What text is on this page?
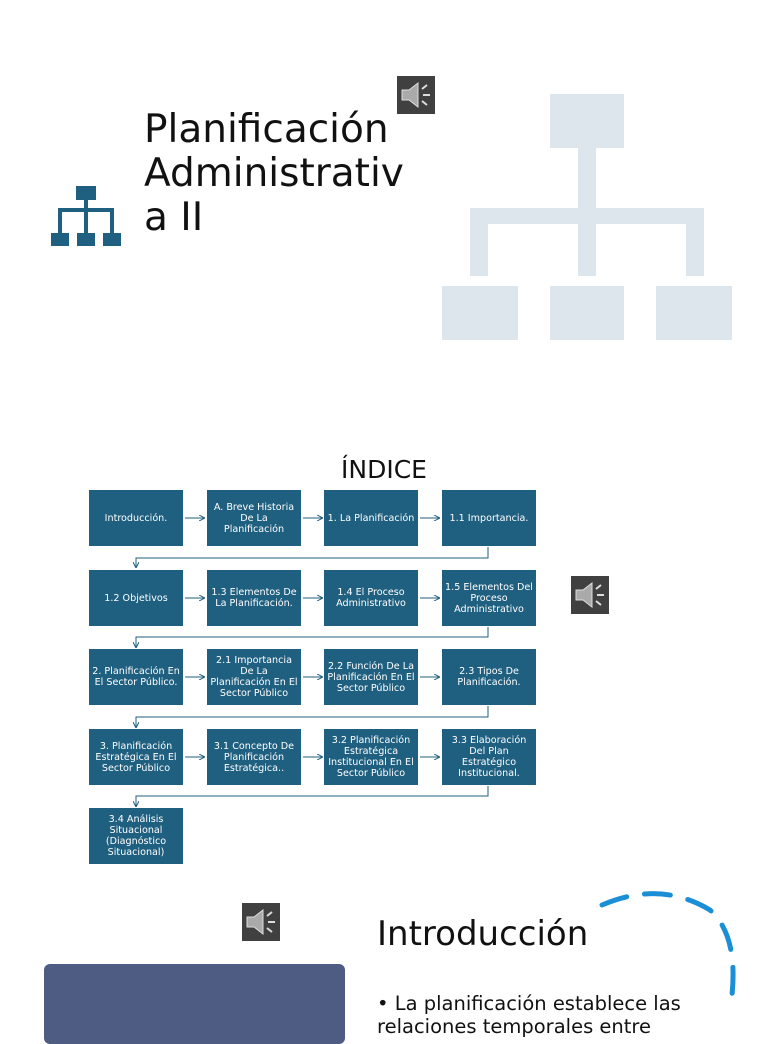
Planificación
Administrativ
a II
ÍNDICE
Introducción.
A. Breve Historia De La Planificación
1. La Planificación	1.1 Importancia.
1.2 Objetivos	1.3 Elementos De La Planificación.
1.4 El Proceso Administrativo
1.5 Elementos Del Proceso Administrativo
2. Planificación En El Sector Público.
2.1 Importancia De La Planificación En El Sector Público
2.2 Función De La Planificación En El Sector Público
2.3 Tipos De Planificación.
3. Planificación Estratégica En El Sector Público
3.1 Concepto De Planificación Estratégica..
3.2 Planificación Estratégica Institucional En El Sector Público
3.3 Elaboración Del Plan Estratégico Institucional.
3.4 Análisis Situacional (Diagnóstico Situacional)
Introducción
• La planificación establece las relaciones temporales entre
